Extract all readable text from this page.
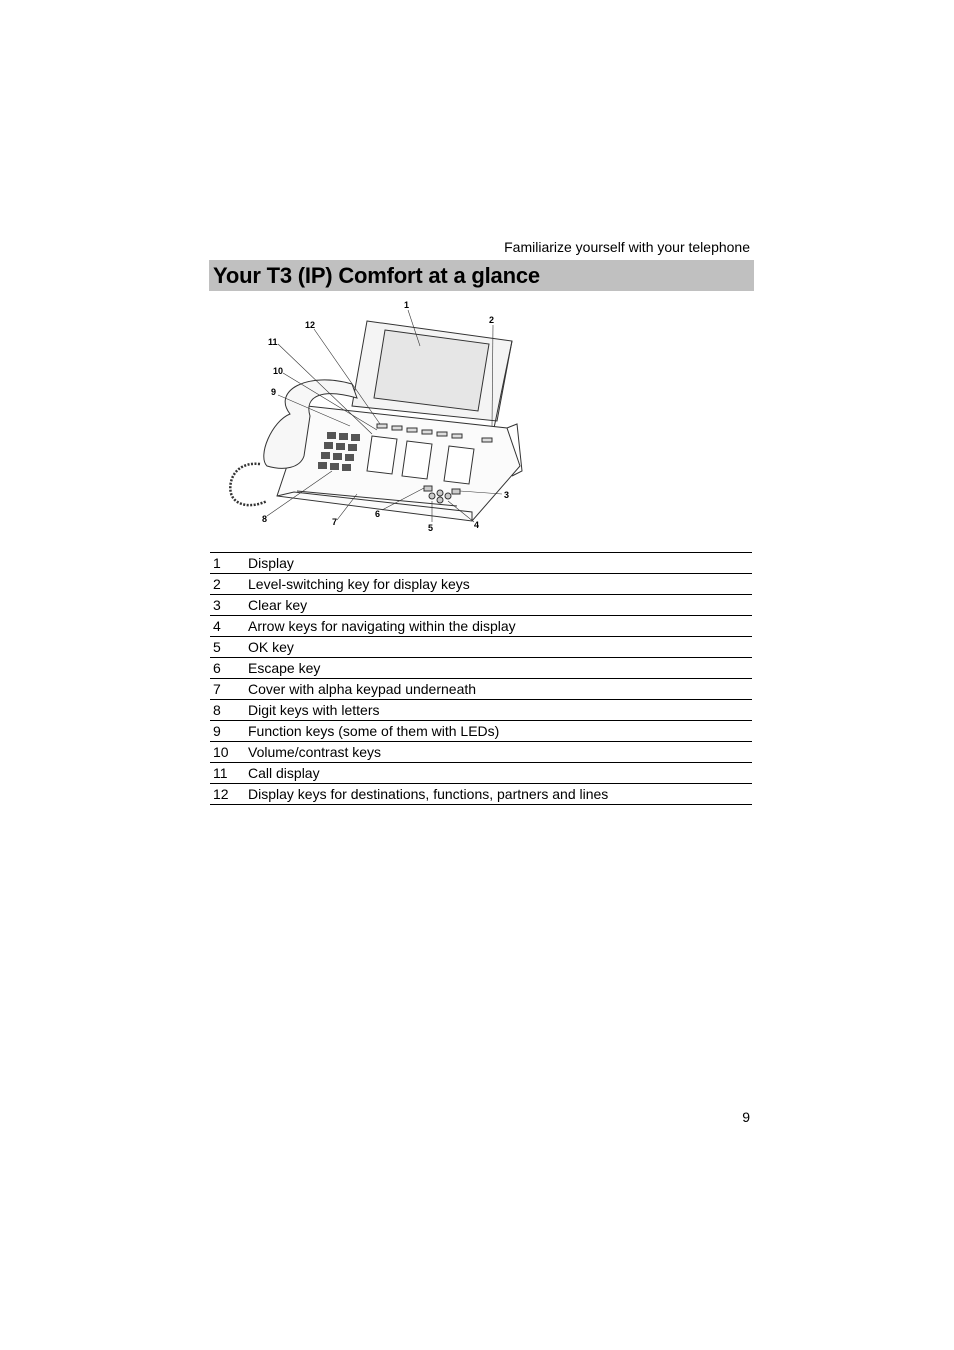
Familiarize yourself with your telephone
Your T3 (IP) Comfort at a glance
1
2
3
4
5
6
7
8
9
10
11
12
1	Display
2	Level-switching key for display keys
3	Clear key
4	Arrow keys for navigating within the display
5	OK key
6	Escape key
7	Cover with alpha keypad underneath
8	Digit keys with letters
9	Function keys (some of them with LEDs)
10	Volume/contrast keys
11	Call display
12	Display keys for destinations, functions, partners and lines
9
